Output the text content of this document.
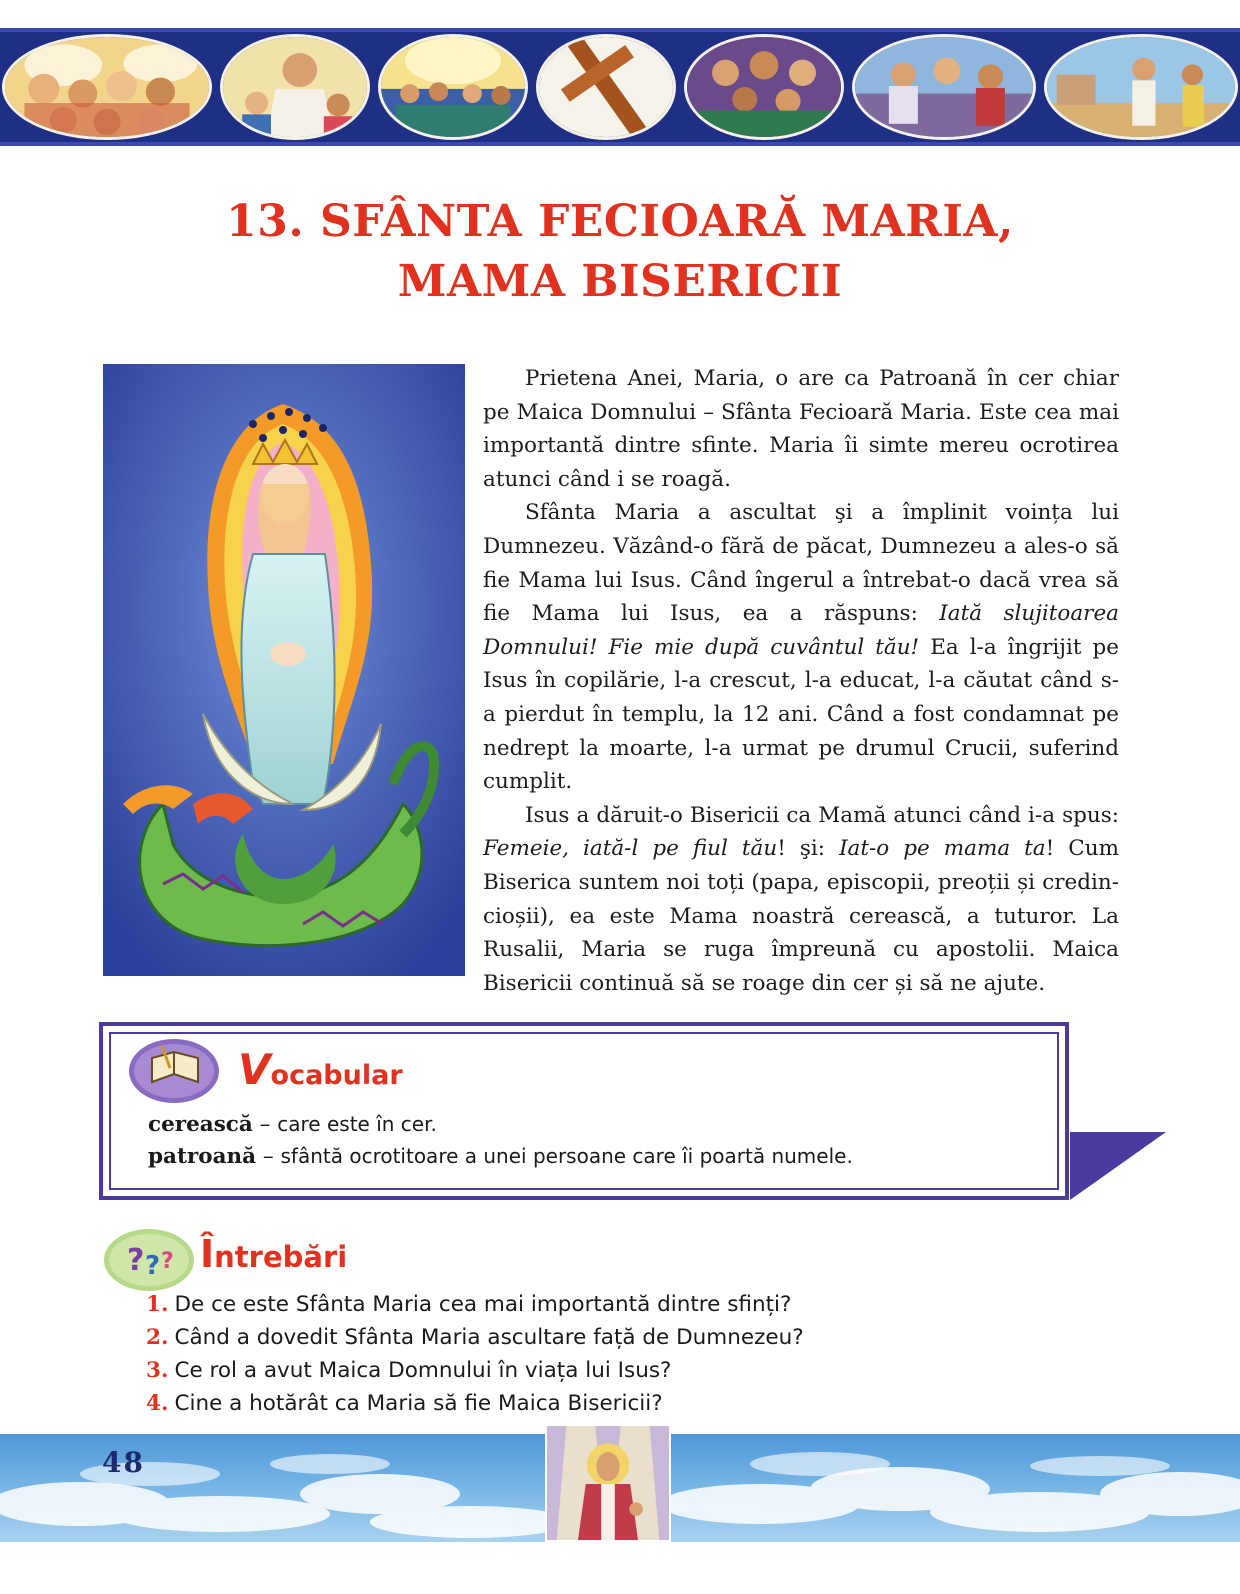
13. SFÂNTA FECIOARĂ MARIA,
MAMA BISERICII

Prietena Anei, Maria, o are ca Patroană în cer chiar pe Maica Domnului – Sfânta Fecioară Maria. Este cea mai importantă dintre sfinte. Maria îi simte mereu ocrotirea atunci când i se roagă.

Sfânta Maria a ascultat şi a împlinit voința lui Dumnezeu. Văzând-o fără de păcat, Dumnezeu a ales-o să fie Mama lui Isus. Când îngerul a întrebat-o dacă vrea să fie Mama lui Isus, ea a răspuns: Iată slujitoarea Domnului! Fie mie după cuvântul tău! Ea l-a îngrijit pe Isus în copilărie, l-a crescut, l-a educat, l-a căutat când s-a pierdut în templu, la 12 ani. Când a fost condamnat pe nedrept la moarte, l-a urmat pe drumul Crucii, suferind cumplit.

Isus a dăruit-o Bisericii ca Mamă atunci când i-a spus: Femeie, iată-l pe fiul tău! şi: Iat-o pe mama ta! Cum Biserica suntem noi toți (papa, episcopii, preoții și credincioșii), ea este Mama noastră cerească, a tuturor. La Rusalii, Maria se ruga împreună cu apostolii. Maica Bisericii continuă să se roage din cer și să ne ajute.

Vocabular
cerească – care este în cer.
patroană – sfântă ocrotitoare a unei persoane care îi poartă numele.
? ? ? Întrebări
1. De ce este Sfânta Maria cea mai importantă dintre sfinți?
2. Când a dovedit Sfânta Maria ascultare față de Dumnezeu?
3. Ce rol a avut Maica Domnului în viața lui Isus?
4. Cine a hotărât ca Maria să fie Maica Bisericii?
48
